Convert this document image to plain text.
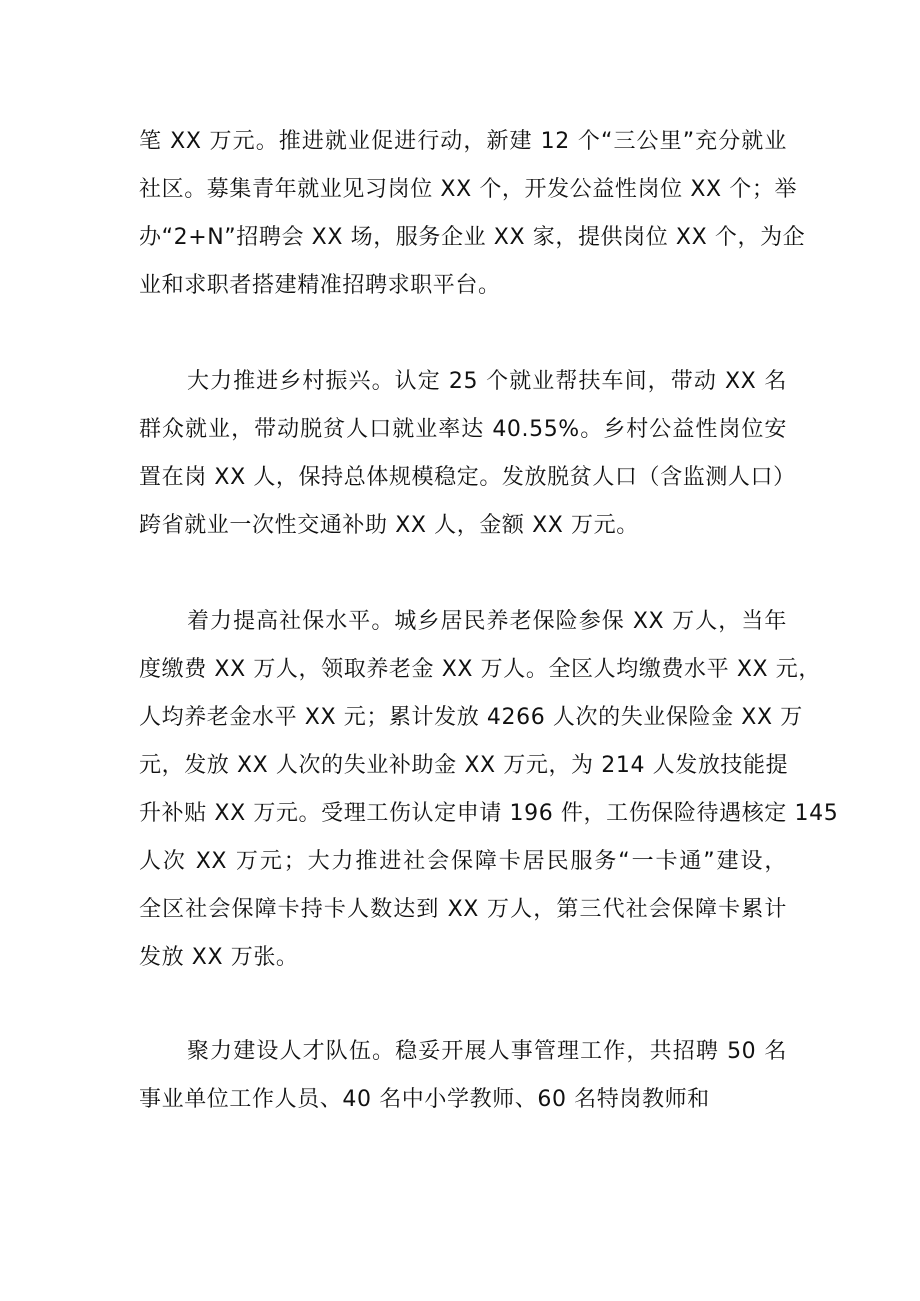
笔 XX 万元。推进就业促进行动，新建 12 个“三公里”充分就业
社区。募集青年就业见习岗位 XX 个，开发公益性岗位 XX 个；举
办“2+N”招聘会 XX 场，服务企业 XX 家，提供岗位 XX 个，为企
业和求职者搭建精准招聘求职平台。
大力推进乡村振兴。认定 25 个就业帮扶车间，带动 XX 名
群众就业，带动脱贫人口就业率达 40.55%。乡村公益性岗位安
置在岗 XX 人，保持总体规模稳定。发放脱贫人口（含监测人口）
跨省就业一次性交通补助 XX 人，金额 XX 万元。
着力提高社保水平。城乡居民养老保险参保 XX 万人，当年
度缴费 XX 万人，领取养老金 XX 万人。全区人均缴费水平 XX 元，
人均养老金水平 XX 元；累计发放 4266 人次的失业保险金 XX 万
元，发放 XX 人次的失业补助金 XX 万元，为 214 人发放技能提
升补贴 XX 万元。受理工伤认定申请 196 件，工伤保险待遇核定 145
人次 XX 万元；大力推进社会保障卡居民服务“一卡通”建设，
全区社会保障卡持卡人数达到 XX 万人，第三代社会保障卡累计
发放 XX 万张。
聚力建设人才队伍。稳妥开展人事管理工作，共招聘 50 名
事业单位工作人员、40 名中小学教师、60 名特岗教师和
